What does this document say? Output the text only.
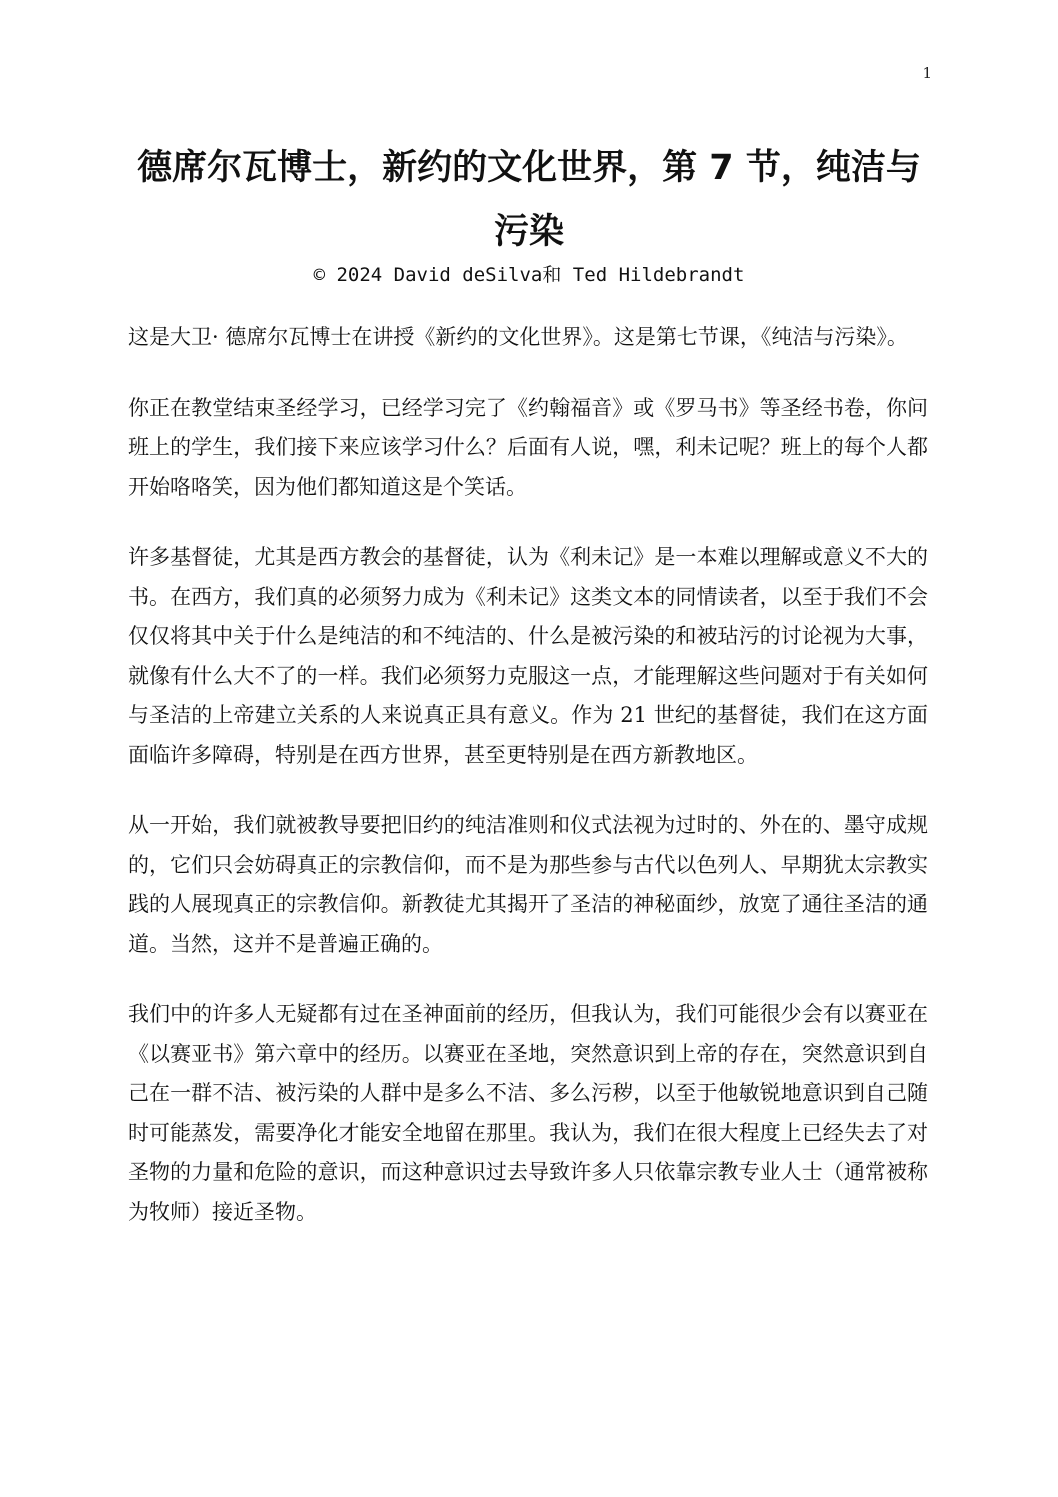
1
德席尔瓦博士，新约的文化世界，第 7 节，纯洁与污染
© 2024 David deSilva和 Ted Hildebrandt

这是大卫· 德席尔瓦博士在讲授《新约的文化世界》。这是第七节课，《纯洁与污染》。

你正在教堂结束圣经学习，已经学习完了《约翰福音》或《罗马书》等圣经书卷，你问班上的学生，我们接下来应该学习什么？后面有人说，嘿，利未记呢？班上的每个人都开始咯咯笑，因为他们都知道这是个笑话。

许多基督徒，尤其是西方教会的基督徒，认为《利未记》是一本难以理解或意义不大的书。在西方，我们真的必须努力成为《利未记》这类文本的同情读者，以至于我们不会仅仅将其中关于什么是纯洁的和不纯洁的、什么是被污染的和被玷污的讨论视为大事，就像有什么大不了的一样。我们必须努力克服这一点，才能理解这些问题对于有关如何与圣洁的上帝建立关系的人来说真正具有意义。作为 21 世纪的基督徒，我们在这方面面临许多障碍，特别是在西方世界，甚至更特别是在西方新教地区。

从一开始，我们就被教导要把旧约的纯洁准则和仪式法视为过时的、外在的、墨守成规的，它们只会妨碍真正的宗教信仰，而不是为那些参与古代以色列人、早期犹太宗教实践的人展现真正的宗教信仰。新教徒尤其揭开了圣洁的神秘面纱，放宽了通往圣洁的通道。当然，这并不是普遍正确的。

我们中的许多人无疑都有过在圣神面前的经历，但我认为，我们可能很少会有以赛亚在《以赛亚书》第六章中的经历。以赛亚在圣地，突然意识到上帝的存在，突然意识到自己在一群不洁、被污染的人群中是多么不洁、多么污秽，以至于他敏锐地意识到自己随时可能蒸发，需要净化才能安全地留在那里。我认为，我们在很大程度上已经失去了对圣物的力量和危险的意识，而这种意识过去导致许多人只依靠宗教专业人士（通常被称为牧师）接近圣物。
